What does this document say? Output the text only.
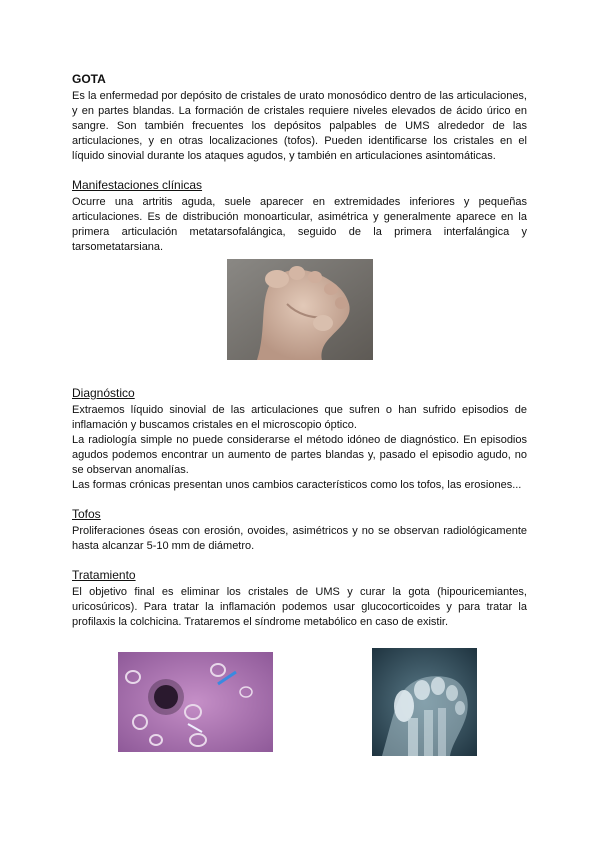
GOTA

Es la enfermedad por depósito de cristales de urato monosódico dentro de las articulaciones, y en partes blandas. La formación de cristales requiere niveles elevados de ácido úrico en sangre. Son también frecuentes los depósitos palpables de UMS alrededor de las articulaciones, y en otras localizaciones (tofos). Pueden identificarse los cristales en el líquido sinovial durante los ataques agudos, y también en articulaciones asintomáticas.

Manifestaciones clínicas

Ocurre una artritis aguda, suele aparecer en extremidades inferiores y pequeñas articulaciones. Es de distribución monoarticular, asimétrica y generalmente aparece en la primera articulación metatarsofalángica, seguido de la primera interfalángica y tarsometatarsiana.

Diagnóstico

Extraemos líquido sinovial de las articulaciones que sufren o han sufrido episodios de inflamación y buscamos cristales en el microscopio óptico.

La radiología simple no puede considerarse el método idóneo de diagnóstico. En episodios agudos podemos encontrar un aumento de partes blandas y, pasado el episodio agudo, no se observan anomalías.

Las formas crónicas presentan unos cambios característicos como los tofos, las erosiones...

Tofos

Proliferaciones óseas con erosión, ovoides, asimétricos y no se observan radiológicamente hasta alcanzar 5-10 mm de diámetro.

Tratamiento

El objetivo final es eliminar los cristales de UMS y curar la gota (hipouricemiantes, uricosúricos). Para tratar la inflamación podemos usar glucocorticoides y para tratar la profilaxis la colchicina. Trataremos el síndrome metabólico en caso de existir.
